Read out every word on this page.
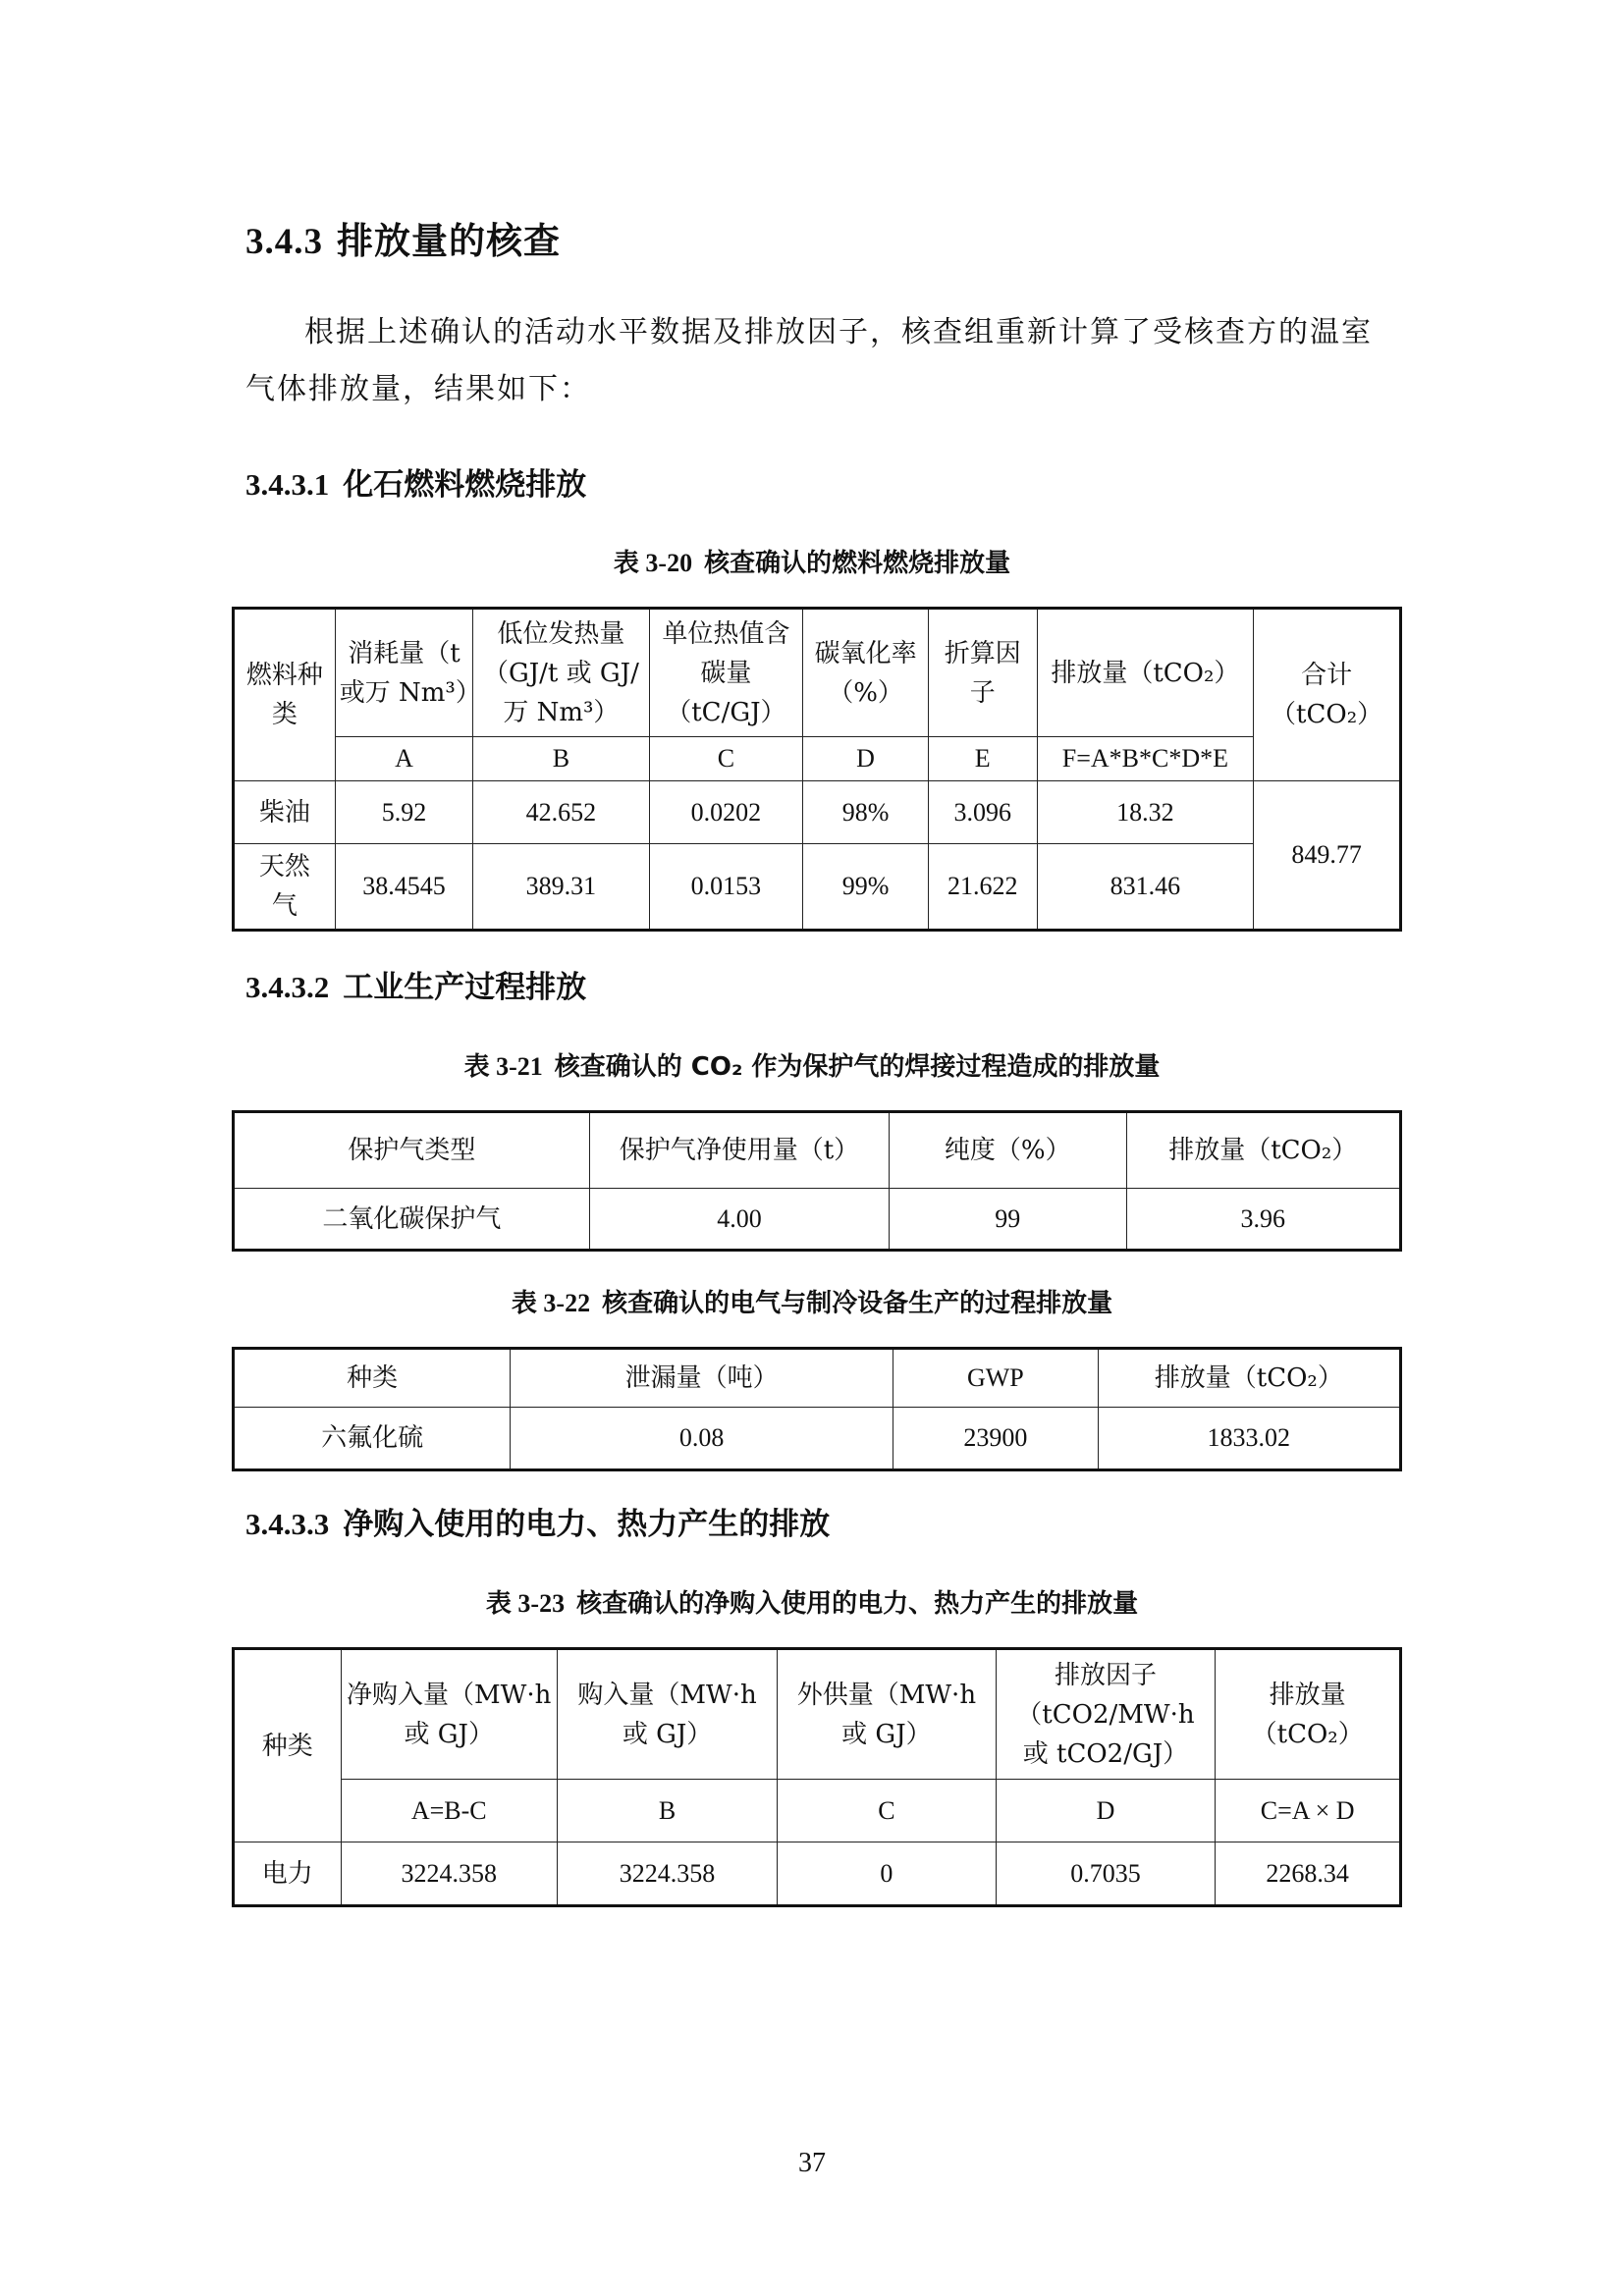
3.4.3 排放量的核查
根据上述确认的活动水平数据及排放因子，核查组重新计算了受核查方的温室气体排放量，结果如下：
3.4.3.1 化石燃料燃烧排放
表 3-20 核查确认的燃料燃烧排放量
燃料种类	消耗量（t 或万 Nm³）	低位发热量（GJ/t 或 GJ/万 Nm³）	单位热值含碳量（tC/GJ）	碳氧化率（%）	折算因子	排放量（tCO₂）	合计（tCO₂）
	A	B	C	D	E	F=A*B*C*D*E	
柴油	5.92	42.652	0.0202	98%	3.096	18.32	849.77
天然气	38.4545	389.31	0.0153	99%	21.622	831.46	
3.4.3.2 工业生产过程排放
表 3-21 核查确认的 CO₂ 作为保护气的焊接过程造成的排放量
保护气类型	保护气净使用量（t）	纯度（%）	排放量（tCO₂）
二氧化碳保护气	4.00	99	3.96
表 3-22 核查确认的电气与制冷设备生产的过程排放量
种类	泄漏量（吨）	GWP	排放量（tCO₂）
六氟化硫	0.08	23900	1833.02
3.4.3.3 净购入使用的电力、热力产生的排放
表 3-23 核查确认的净购入使用的电力、热力产生的排放量
种类	净购入量（MW·h 或 GJ）	购入量（MW·h 或 GJ）	外供量（MW·h 或 GJ）	排放因子（tCO2/MW·h 或 tCO2/GJ）	排放量（tCO₂）
	A=B-C	B	C	D	C=A × D
电力	3224.358	3224.358	0	0.7035	2268.34
37
